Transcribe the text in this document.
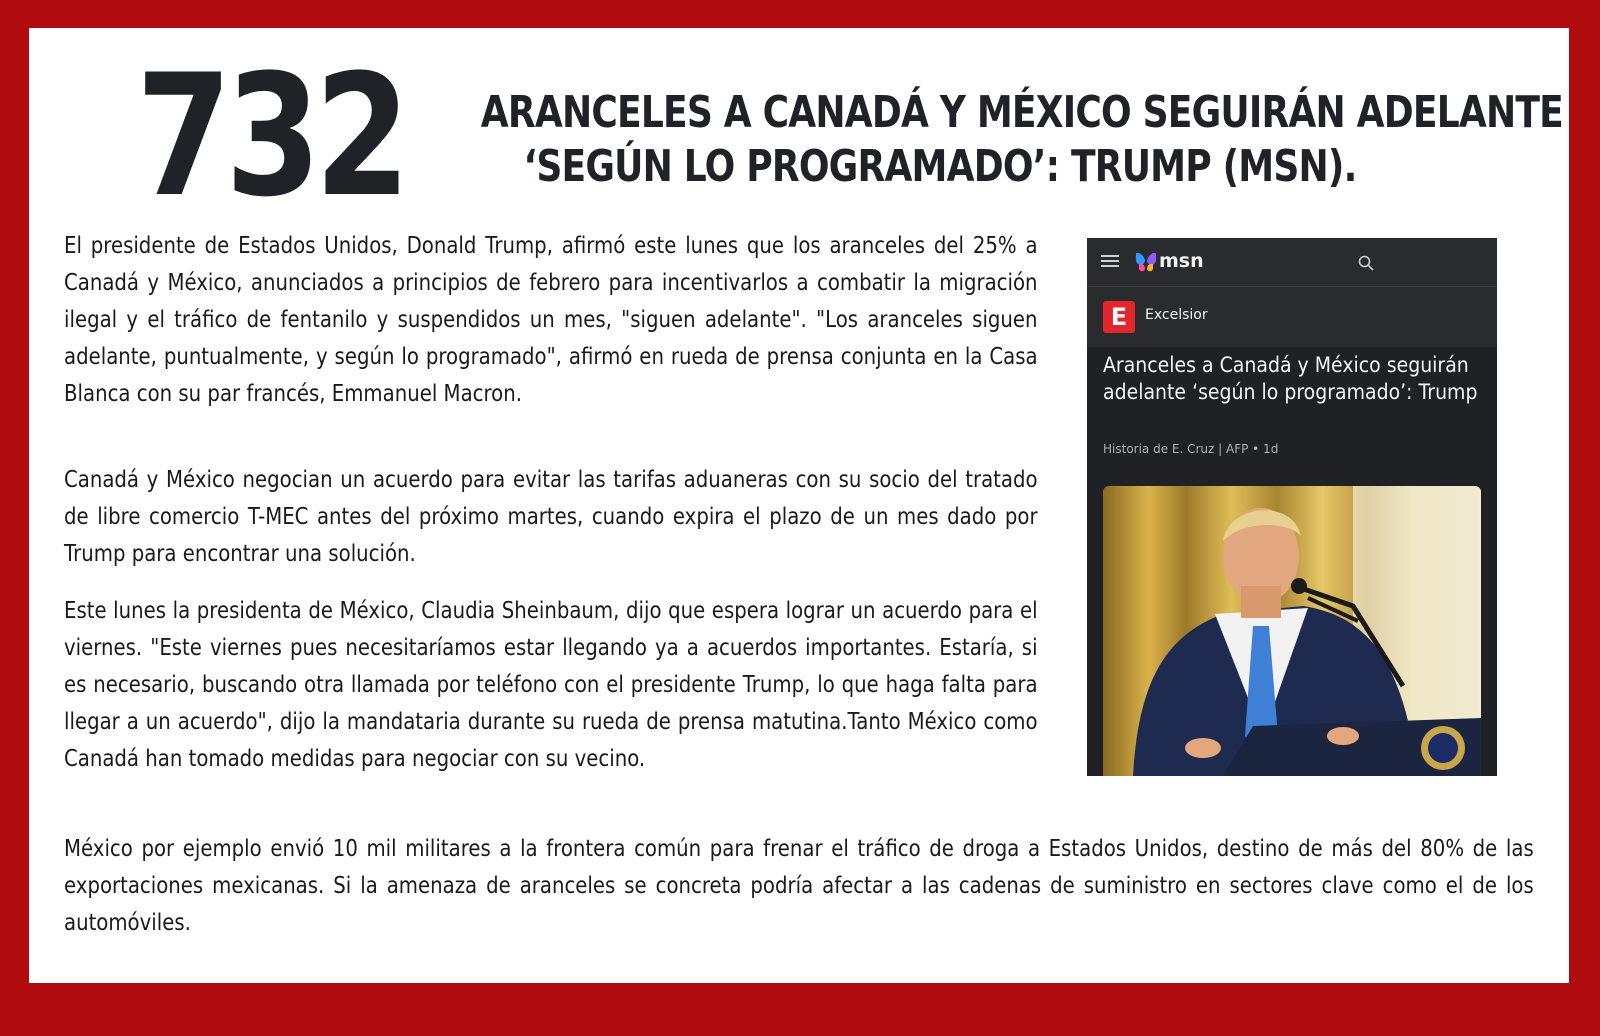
732 ARANCELES A CANADÁ Y MÉXICO SEGUIRÁN ADELANTE
‘SEGÚN LO PROGRAMADO’: TRUMP (MSN).

El presidente de Estados Unidos, Donald Trump, afirmó este lunes que los aranceles del 25% a Canadá y México, anunciados a principios de febrero para incentivarlos a combatir la migración ilegal y el tráfico de fentanilo y suspendidos un mes, "siguen adelante". "Los aranceles siguen adelante, puntualmente, y según lo programado", afirmó en rueda de prensa conjunta en la Casa Blanca con su par francés, Emmanuel Macron.

Canadá y México negocian un acuerdo para evitar las tarifas aduaneras con su socio del tratado de libre comercio T-MEC antes del próximo martes, cuando expira el plazo de un mes dado por Trump para encontrar una solución.

Este lunes la presidenta de México, Claudia Sheinbaum, dijo que espera lograr un acuerdo para el viernes. "Este viernes pues necesitaríamos estar llegando ya a acuerdos importantes. Estaría, si es necesario, buscando otra llamada por teléfono con el presidente Trump, lo que haga falta para llegar a un acuerdo", dijo la mandataria durante su rueda de prensa matutina.Tanto México como Canadá han tomado medidas para negociar con su vecino.

México por ejemplo envió 10 mil militares a la frontera común para frenar el tráfico de droga a Estados Unidos, destino de más del 80% de las exportaciones mexicanas. Si la amenaza de aranceles se concreta podría afectar a las cadenas de suministro en sectores clave como el de los automóviles.

msn
E	Excelsior
Aranceles a Canadá y México seguirán adelante ‘según lo programado’: Trump
Historia de E. Cruz | AFP • 1d
